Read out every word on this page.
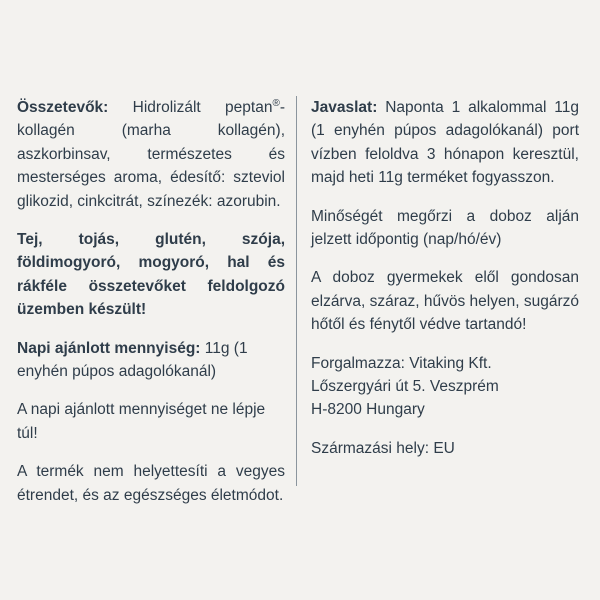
Összetevők: Hidrolizált peptan®-kollagén (marha kollagén), aszkorbinsav, természetes és mesterséges aroma, édesítő: szteviol glikozid, cinkcitrát, színezék: azorubin.

Tej, tojás, glutén, szója, földimogyoró, mogyoró, hal és rákféle összetevőket feldolgozó üzemben készült!

Napi ajánlott mennyiség: 11g (1 enyhén púpos adagolókanál)

A napi ajánlott mennyiséget ne lépje túl!

A termék nem helyettesíti a vegyes étrendet, és az egészséges életmódot.

Javaslat: Naponta 1 alkalommal 11g (1 enyhén púpos adagolókanál) port vízben feloldva 3 hónapon keresztül, majd heti 11g terméket fogyasszon.

Minőségét megőrzi a doboz alján jelzett időpontig (nap/hó/év)

A doboz gyermekek elől gondosan elzárva, száraz, hűvös helyen, sugárzó hőtől és fénytől védve tartandó!

Forgalmazza: Vitaking Kft.
Lőszergyári út 5. Veszprém
H-8200 Hungary

Származási hely: EU
